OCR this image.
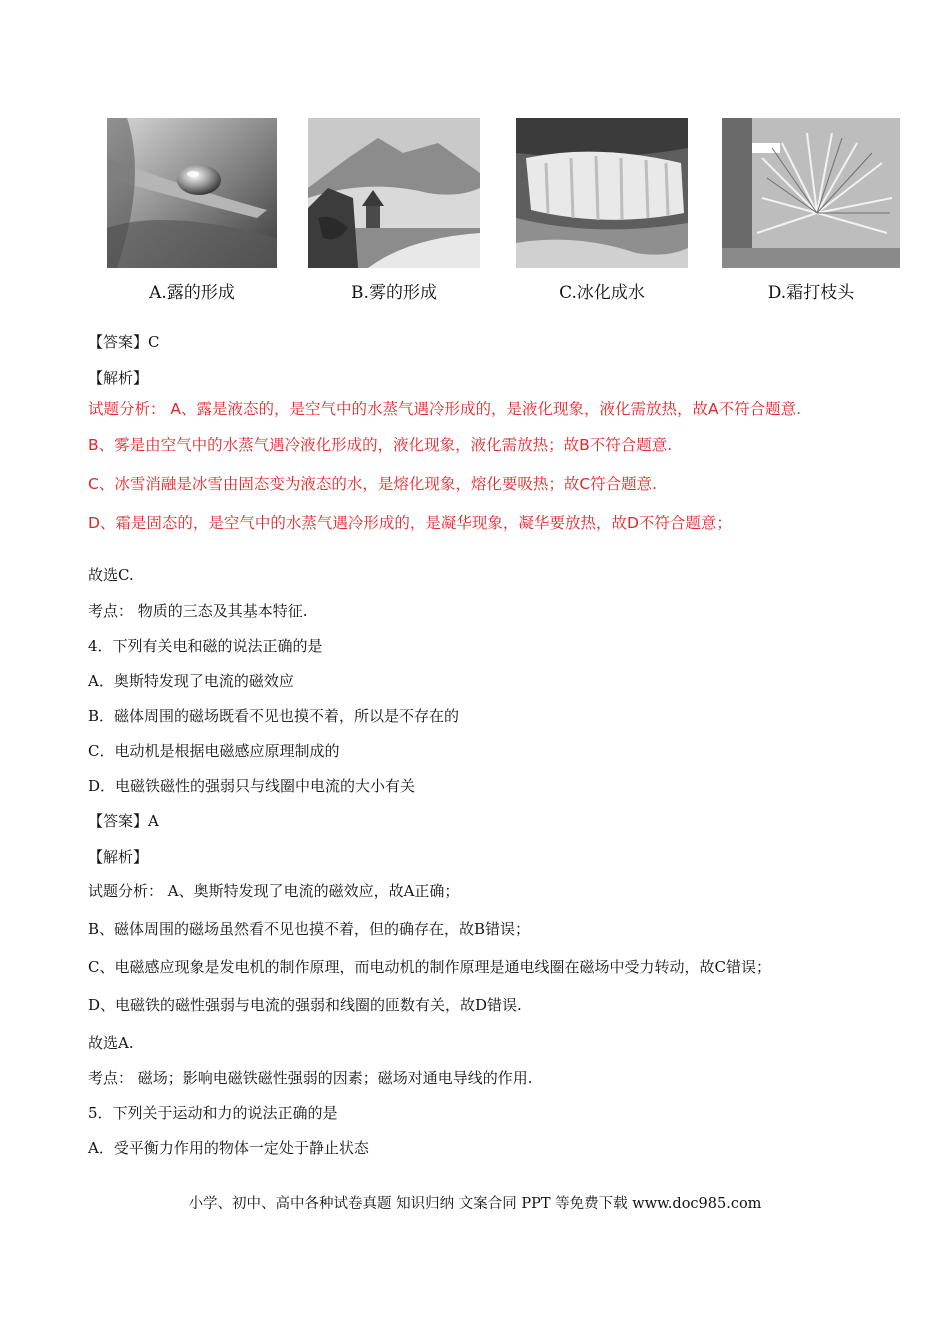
A.露的形成	B.雾的形成	C.冰化成水	D.霜打枝头
【答案】C
【解析】
试题分析： A、露是液态的，是空气中的水蒸气遇冷形成的，是液化现象，液化需放热，故A不符合题意.
B、雾是由空气中的水蒸气遇冷液化形成的，液化现象，液化需放热；故B不符合题意.
C、冰雪消融是冰雪由固态变为液态的水，是熔化现象，熔化要吸热；故C符合题意.
D、霜是固态的，是空气中的水蒸气遇冷形成的，是凝华现象，凝华要放热，故D不符合题意；
故选C.
考点： 物质的三态及其基本特征.
4．下列有关电和磁的说法正确的是
A．奥斯特发现了电流的磁效应
B．磁体周围的磁场既看不见也摸不着，所以是不存在的
C．电动机是根据电磁感应原理制成的
D．电磁铁磁性的强弱只与线圈中电流的大小有关
【答案】A
【解析】
试题分析： A、奥斯特发现了电流的磁效应，故A正确；
B、磁体周围的磁场虽然看不见也摸不着，但的确存在，故B错误；
C、电磁感应现象是发电机的制作原理，而电动机的制作原理是通电线圈在磁场中受力转动，故C错误；
D、电磁铁的磁性强弱与电流的强弱和线圈的匝数有关，故D错误.
故选A.
考点： 磁场；影响电磁铁磁性强弱的因素；磁场对通电导线的作用.
5．下列关于运动和力的说法正确的是
A．受平衡力作用的物体一定处于静止状态
小学、初中、高中各种试卷真题 知识归纳 文案合同 PPT 等免费下载 www.doc985.com
